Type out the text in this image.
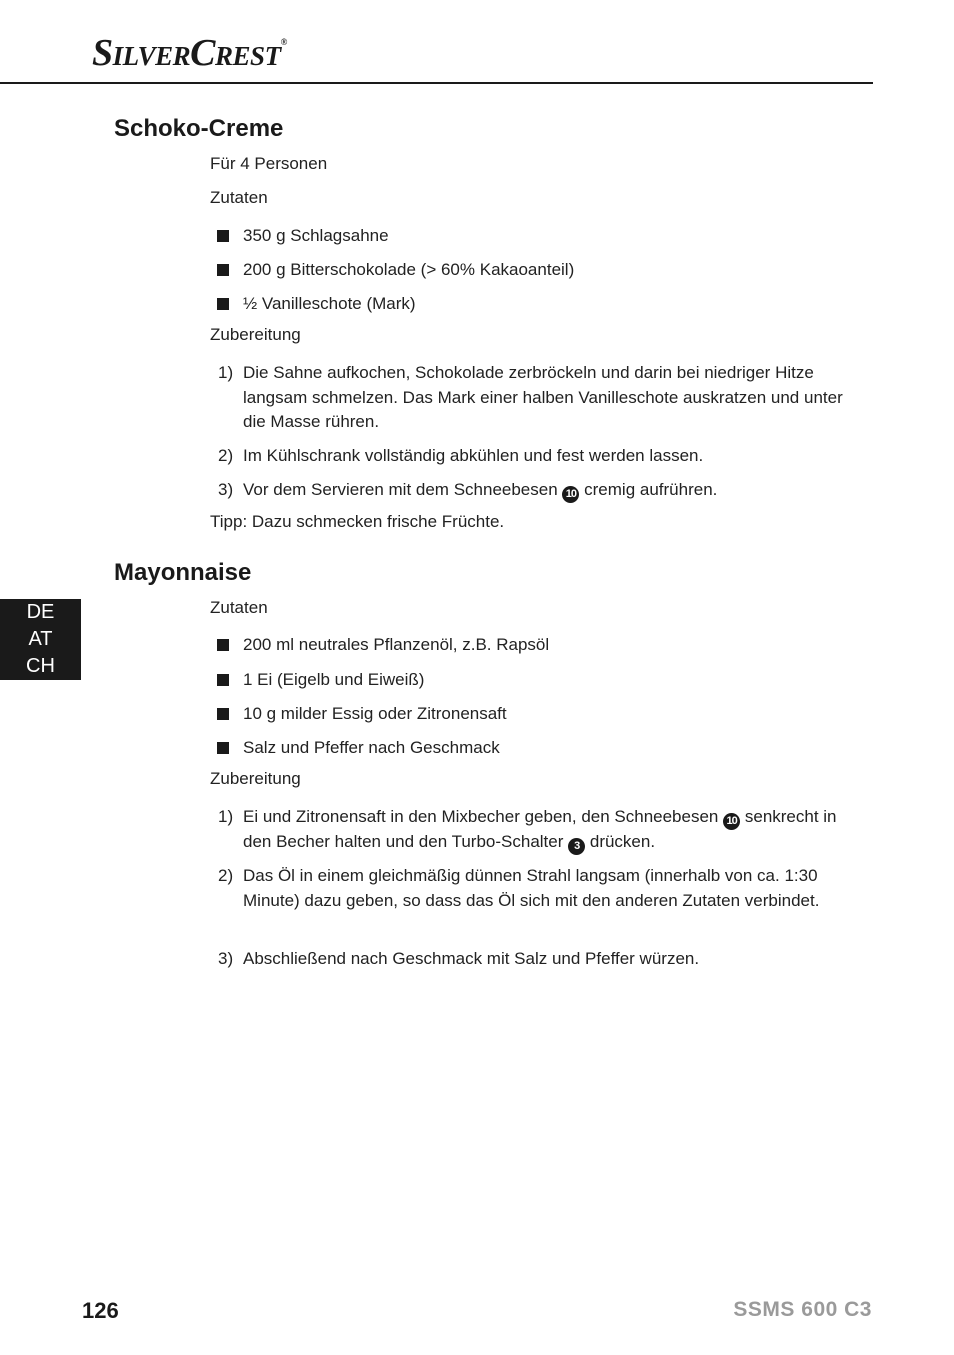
SILVERCREST®
Schoko-Creme
Für 4 Personen
Zutaten
350 g Schlagsahne
200 g Bitterschokolade (> 60% Kakaoanteil)
½ Vanilleschote (Mark)
Zubereitung
1) Die Sahne aufkochen, Schokolade zerbröckeln und darin bei niedriger Hitze langsam schmelzen. Das Mark einer halben Vanilleschote auskratzen und unter die Masse rühren.
2) Im Kühlschrank vollständig abkühlen und fest werden lassen.
3) Vor dem Servieren mit dem Schneebesen 10 cremig aufrühren.
Tipp: Dazu schmecken frische Früchte.
Mayonnaise
Zutaten
200 ml neutrales Pflanzenöl, z.B. Rapsöl
1 Ei (Eigelb und Eiweiß)
10 g milder Essig oder Zitronensaft
Salz und Pfeffer nach Geschmack
Zubereitung
1) Ei und Zitronensaft in den Mixbecher geben, den Schneebesen 10 senkrecht in den Becher halten und den Turbo-Schalter 3 drücken.
2) Das Öl in einem gleichmäßig dünnen Strahl langsam (innerhalb von ca. 1:30 Minute) dazu geben, so dass das Öl sich mit den anderen Zutaten verbindet.
3) Abschließend nach Geschmack mit Salz und Pfeffer würzen.
DE
AT
CH
126	SSMS 600 C3
